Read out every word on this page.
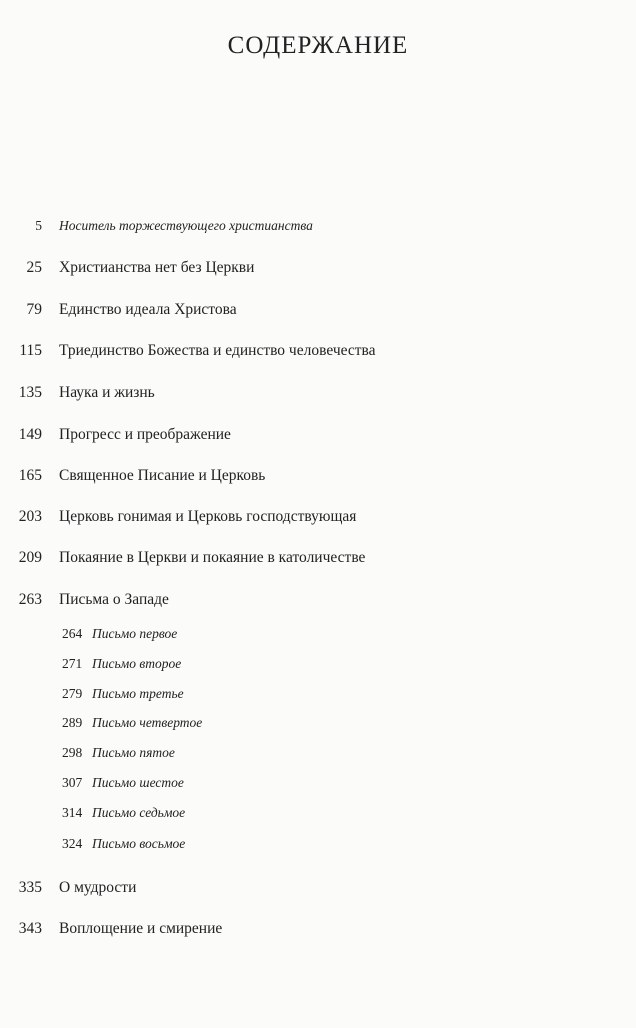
СОДЕРЖАНИЕ
5 Носитель торжествующего христианства
25 Христианства нет без Церкви
79 Единство идеала Христова
115 Триединство Божества и единство человечества
135 Наука и жизнь
149 Прогресс и преображение
165 Священное Писание и Церковь
203 Церковь гонимая и Церковь господствующая
209 Покаяние в Церкви и покаяние в католичестве
263 Письма о Западе
264 Письмо первое
271 Письмо второе
279 Письмо третье
289 Письмо четвертое
298 Письмо пятое
307 Письмо шестое
314 Письмо седьмое
324 Письмо восьмое
335 О мудрости
343 Воплощение и смирение
